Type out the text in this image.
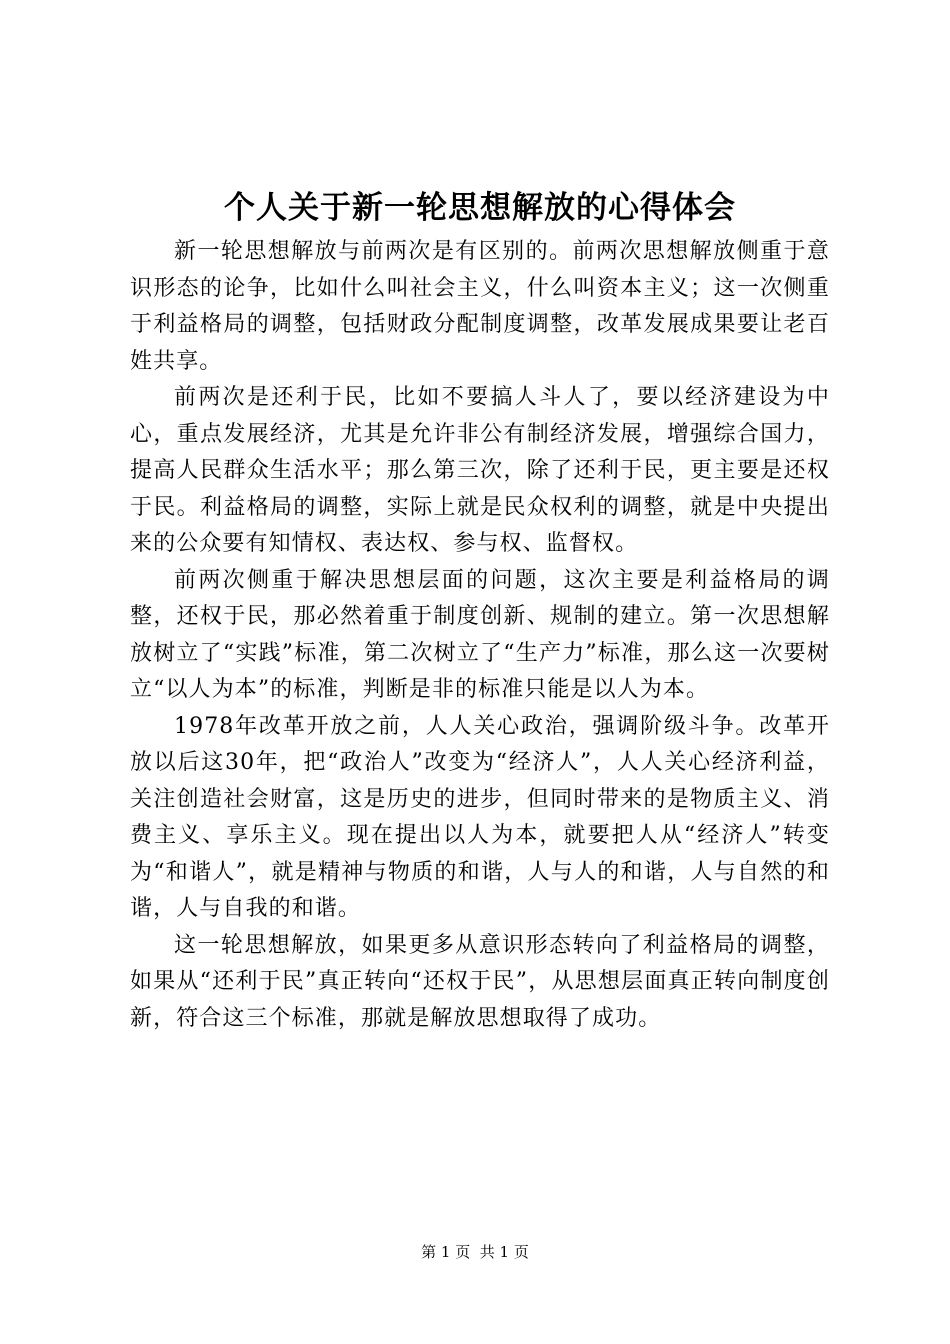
个人关于新一轮思想解放的心得体会

新一轮思想解放与前两次是有区别的。前两次思想解放侧重于意识形态的论争，比如什么叫社会主义，什么叫资本主义；这一次侧重于利益格局的调整，包括财政分配制度调整，改革发展成果要让老百姓共享。

前两次是还利于民，比如不要搞人斗人了，要以经济建设为中心，重点发展经济，尤其是允许非公有制经济发展，增强综合国力，提高人民群众生活水平；那么第三次，除了还利于民，更主要是还权于民。利益格局的调整，实际上就是民众权利的调整，就是中央提出来的公众要有知情权、表达权、参与权、监督权。

前两次侧重于解决思想层面的问题，这次主要是利益格局的调整，还权于民，那必然着重于制度创新、规制的建立。第一次思想解放树立了“实践”标准，第二次树立了“生产力”标准，那么这一次要树立“以人为本”的标准，判断是非的标准只能是以人为本。

1978年改革开放之前，人人关心政治，强调阶级斗争。改革开放以后这30年，把“政治人”改变为“经济人”，人人关心经济利益，关注创造社会财富，这是历史的进步，但同时带来的是物质主义、消费主义、享乐主义。现在提出以人为本，就要把人从“经济人”转变为“和谐人”，就是精神与物质的和谐，人与人的和谐，人与自然的和谐，人与自我的和谐。

这一轮思想解放，如果更多从意识形态转向了利益格局的调整，如果从“还利于民”真正转向“还权于民”，从思想层面真正转向制度创新，符合这三个标准，那就是解放思想取得了成功。

第 1 页  共 1 页
